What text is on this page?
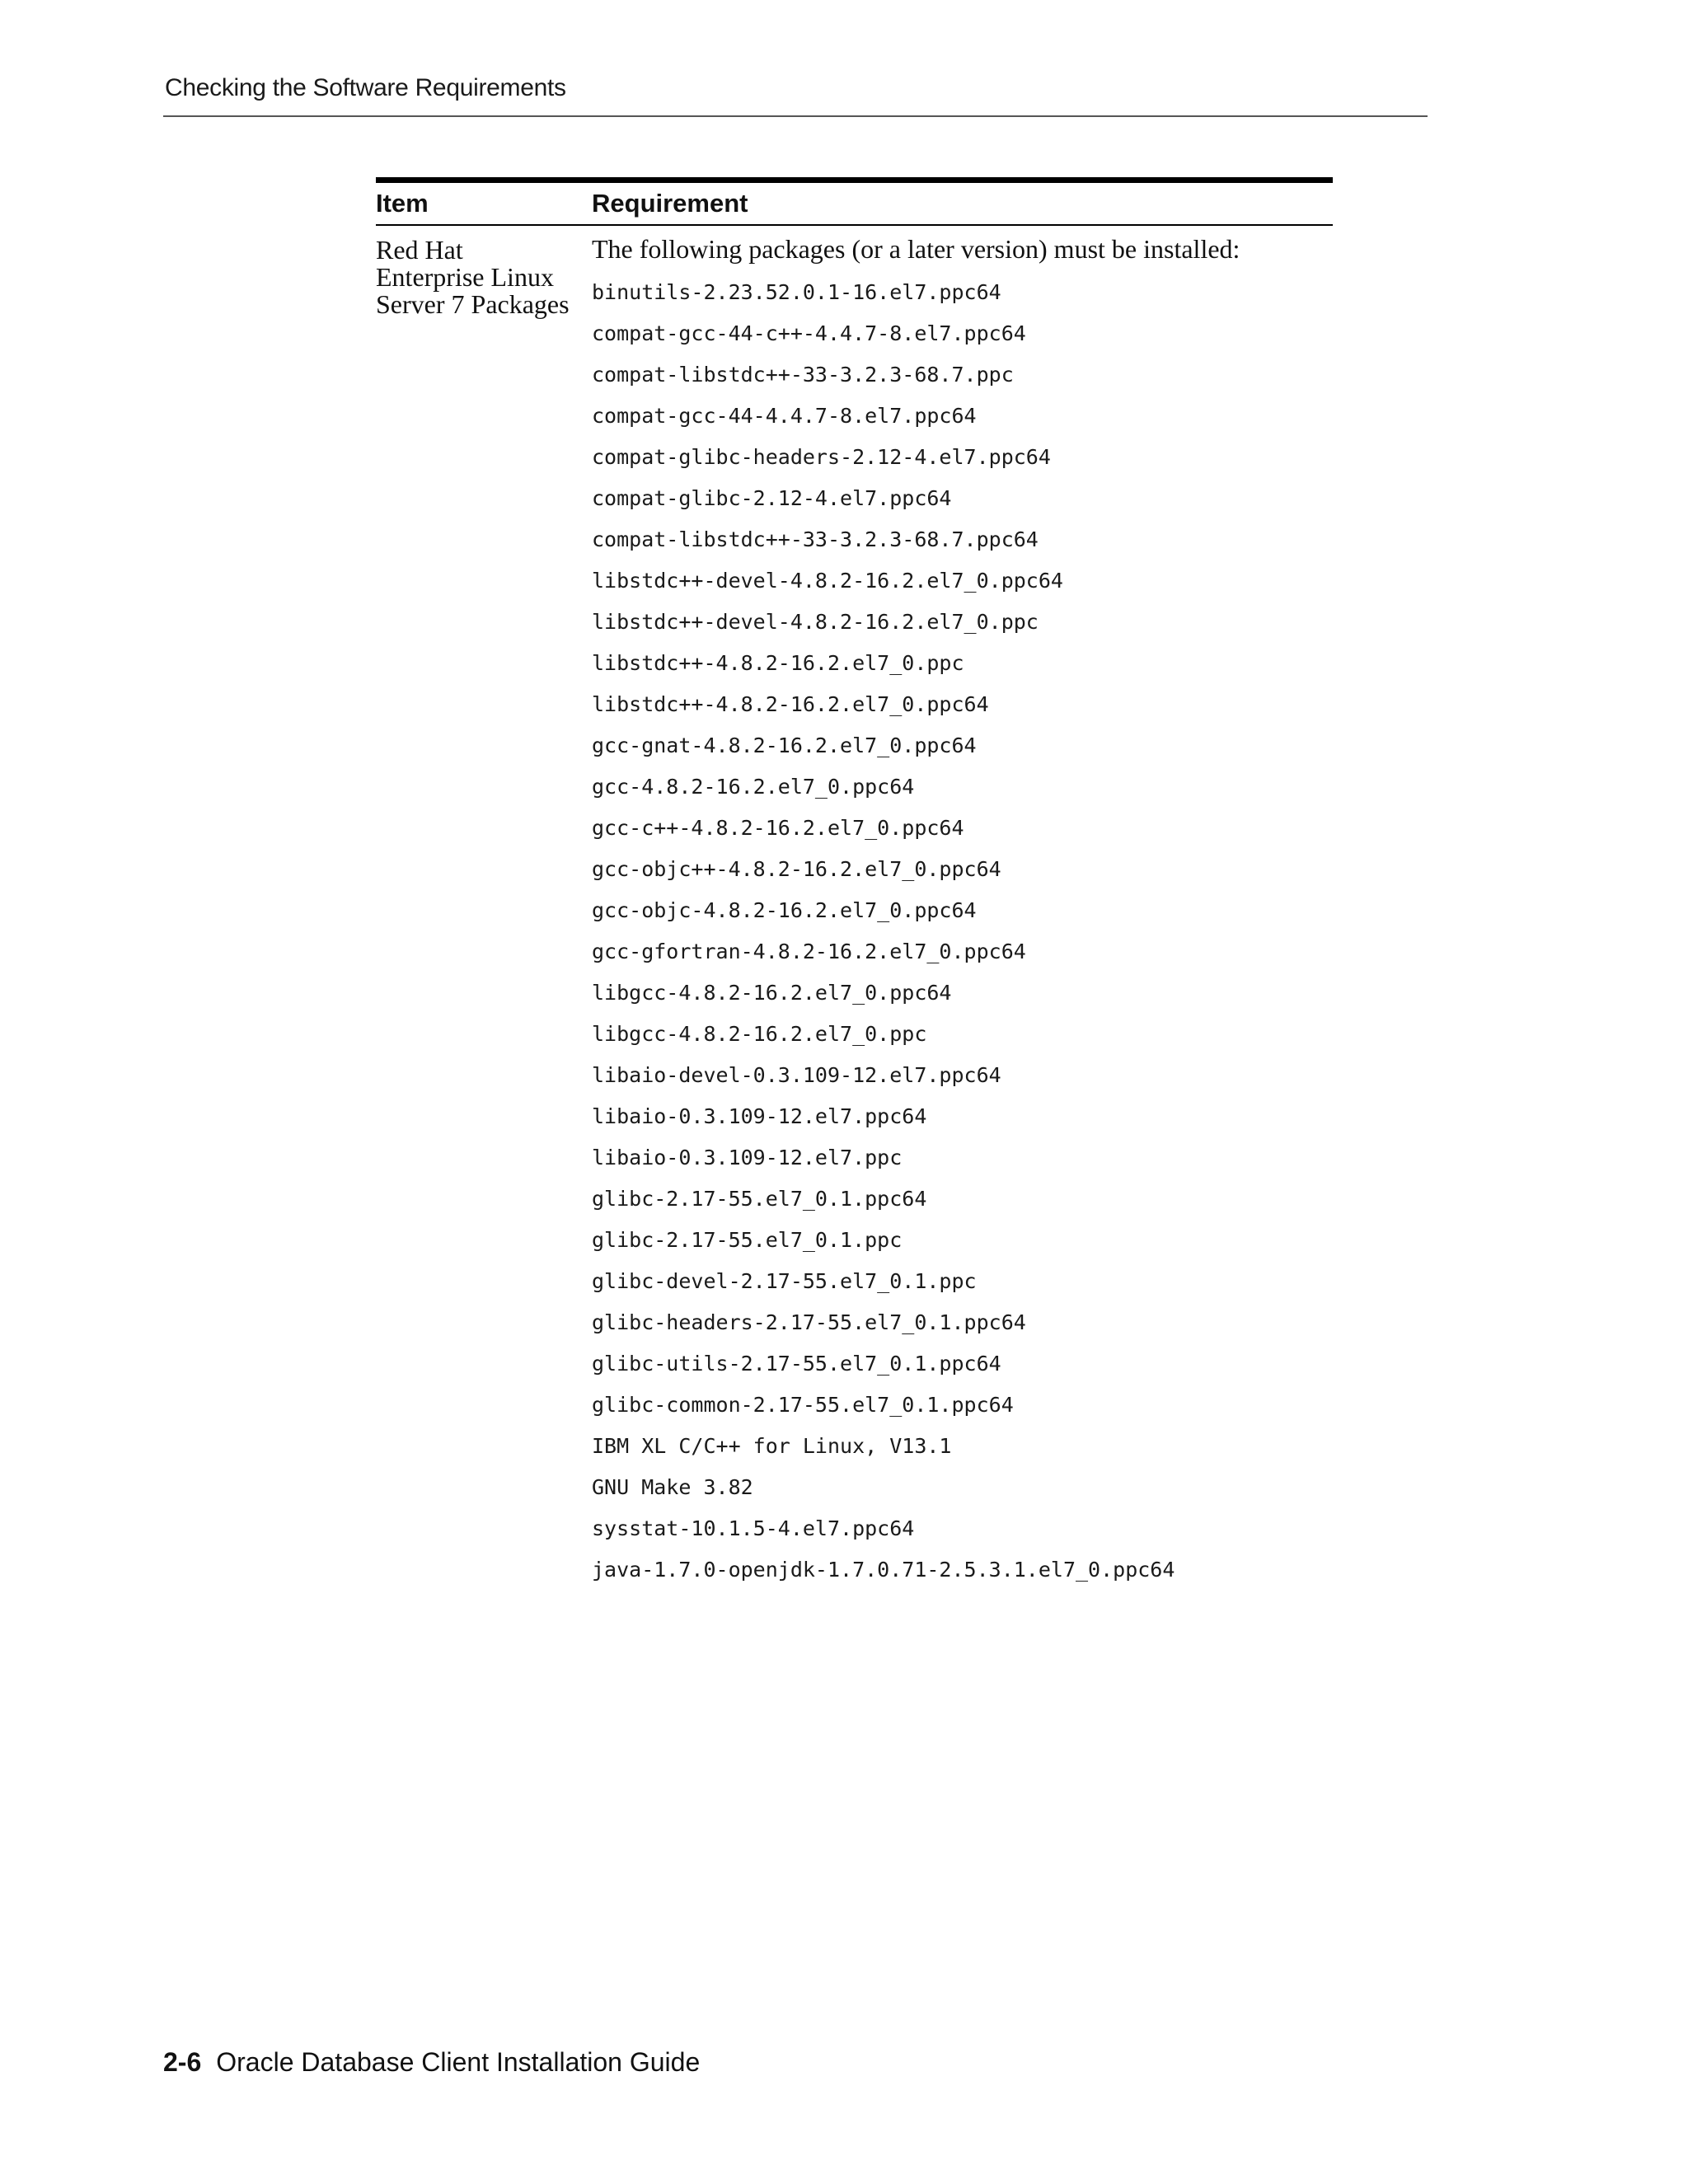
Checking the Software Requirements
Item	Requirement
Red Hat
Enterprise Linux
Server 7 Packages
The following packages (or a later version) must be installed:
binutils-2.23.52.0.1-16.el7.ppc64
compat-gcc-44-c++-4.4.7-8.el7.ppc64
compat-libstdc++-33-3.2.3-68.7.ppc
compat-gcc-44-4.4.7-8.el7.ppc64
compat-glibc-headers-2.12-4.el7.ppc64
compat-glibc-2.12-4.el7.ppc64
compat-libstdc++-33-3.2.3-68.7.ppc64
libstdc++-devel-4.8.2-16.2.el7_0.ppc64
libstdc++-devel-4.8.2-16.2.el7_0.ppc
libstdc++-4.8.2-16.2.el7_0.ppc
libstdc++-4.8.2-16.2.el7_0.ppc64
gcc-gnat-4.8.2-16.2.el7_0.ppc64
gcc-4.8.2-16.2.el7_0.ppc64
gcc-c++-4.8.2-16.2.el7_0.ppc64
gcc-objc++-4.8.2-16.2.el7_0.ppc64
gcc-objc-4.8.2-16.2.el7_0.ppc64
gcc-gfortran-4.8.2-16.2.el7_0.ppc64
libgcc-4.8.2-16.2.el7_0.ppc64
libgcc-4.8.2-16.2.el7_0.ppc
libaio-devel-0.3.109-12.el7.ppc64
libaio-0.3.109-12.el7.ppc64
libaio-0.3.109-12.el7.ppc
glibc-2.17-55.el7_0.1.ppc64
glibc-2.17-55.el7_0.1.ppc
glibc-devel-2.17-55.el7_0.1.ppc
glibc-headers-2.17-55.el7_0.1.ppc64
glibc-utils-2.17-55.el7_0.1.ppc64
glibc-common-2.17-55.el7_0.1.ppc64
IBM XL C/C++ for Linux, V13.1
GNU Make 3.82
sysstat-10.1.5-4.el7.ppc64
java-1.7.0-openjdk-1.7.0.71-2.5.3.1.el7_0.ppc64
2-6 Oracle Database Client Installation Guide
